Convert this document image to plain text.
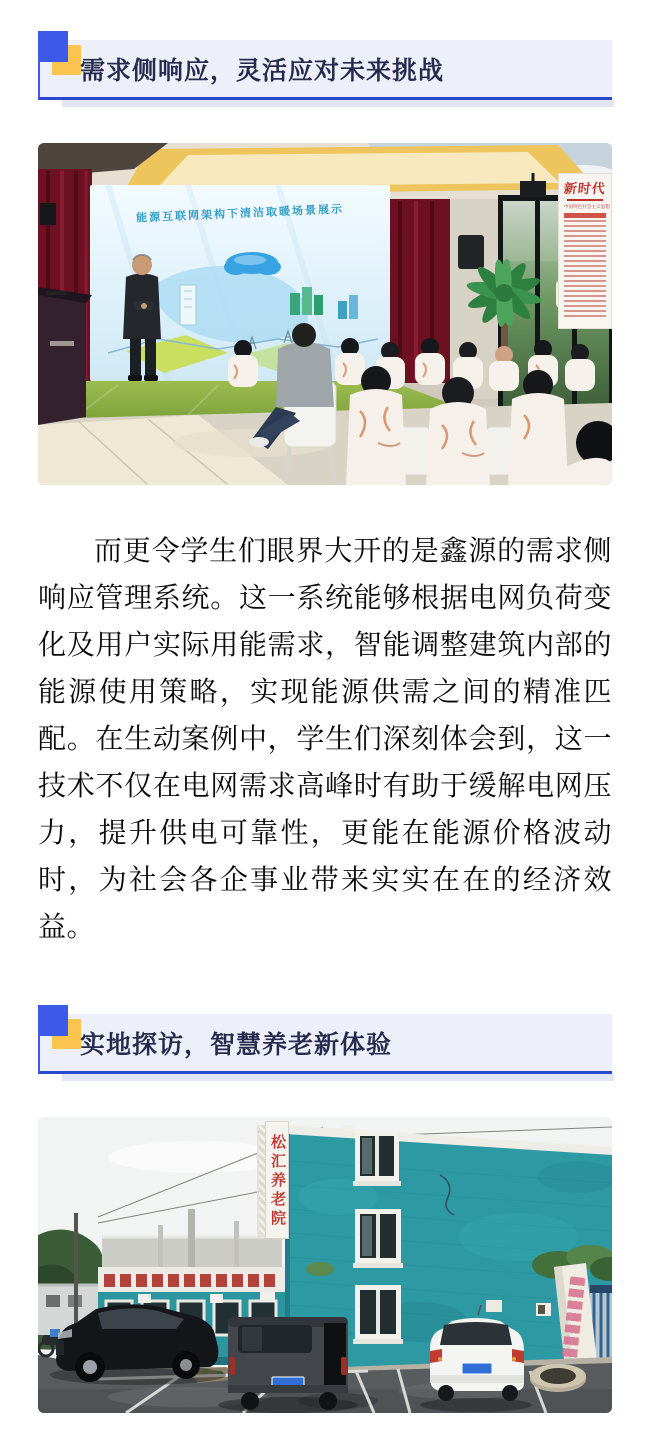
需求侧响应，灵活应对未来挑战
能源互联网架构下清洁取暖场景展示
新时代
中国特色社会主义思想

而更令学生们眼界大开的是鑫源的需求侧响应管理系统。这一系统能够根据电网负荷变化及用户实际用能需求，智能调整建筑内部的能源使用策略，实现能源供需之间的精准匹配。在生动案例中，学生们深刻体会到，这一技术不仅在电网需求高峰时有助于缓解电网压力，提升供电可靠性，更能在能源价格波动时，为社会各企事业带来实实在在的经济效益。

实地探访，智慧养老新体验
松汇养老院
